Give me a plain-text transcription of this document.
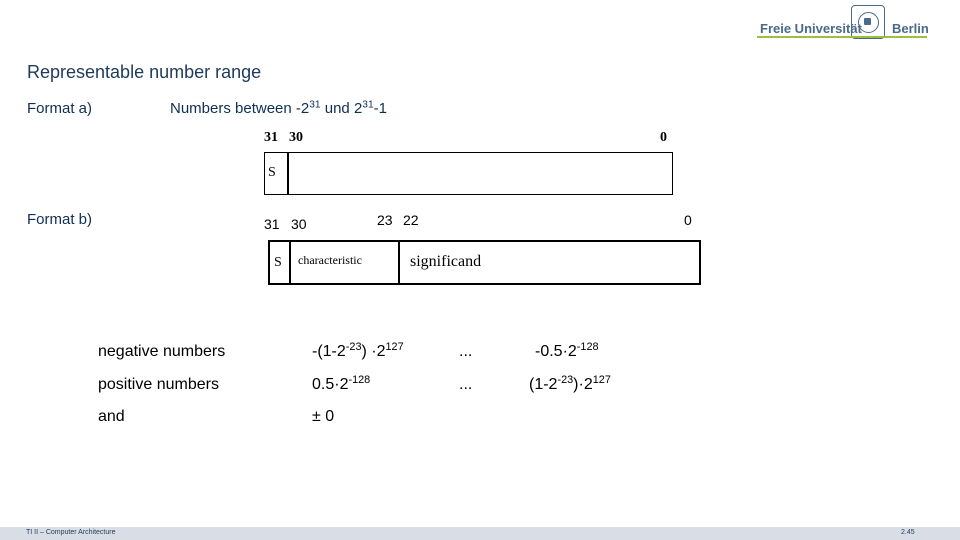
Freie Universität Berlin
Representable number range
Format a)	Numbers between $-2^{31}$ und $2^{31}-1$
31 30	0
S
Format b)	31 30	23 22	0
S characteristic	significand
negative numbers	$-(1-2^{-23}) \cdot 2^{127}$	...	$-0.5\cdot 2^{-128}$
positive numbers	$0.5\cdot 2^{-128}$	...	$(1-2^{-23})\cdot 2^{127}$
and	± 0
TI II – Computer Architecture	2.45
